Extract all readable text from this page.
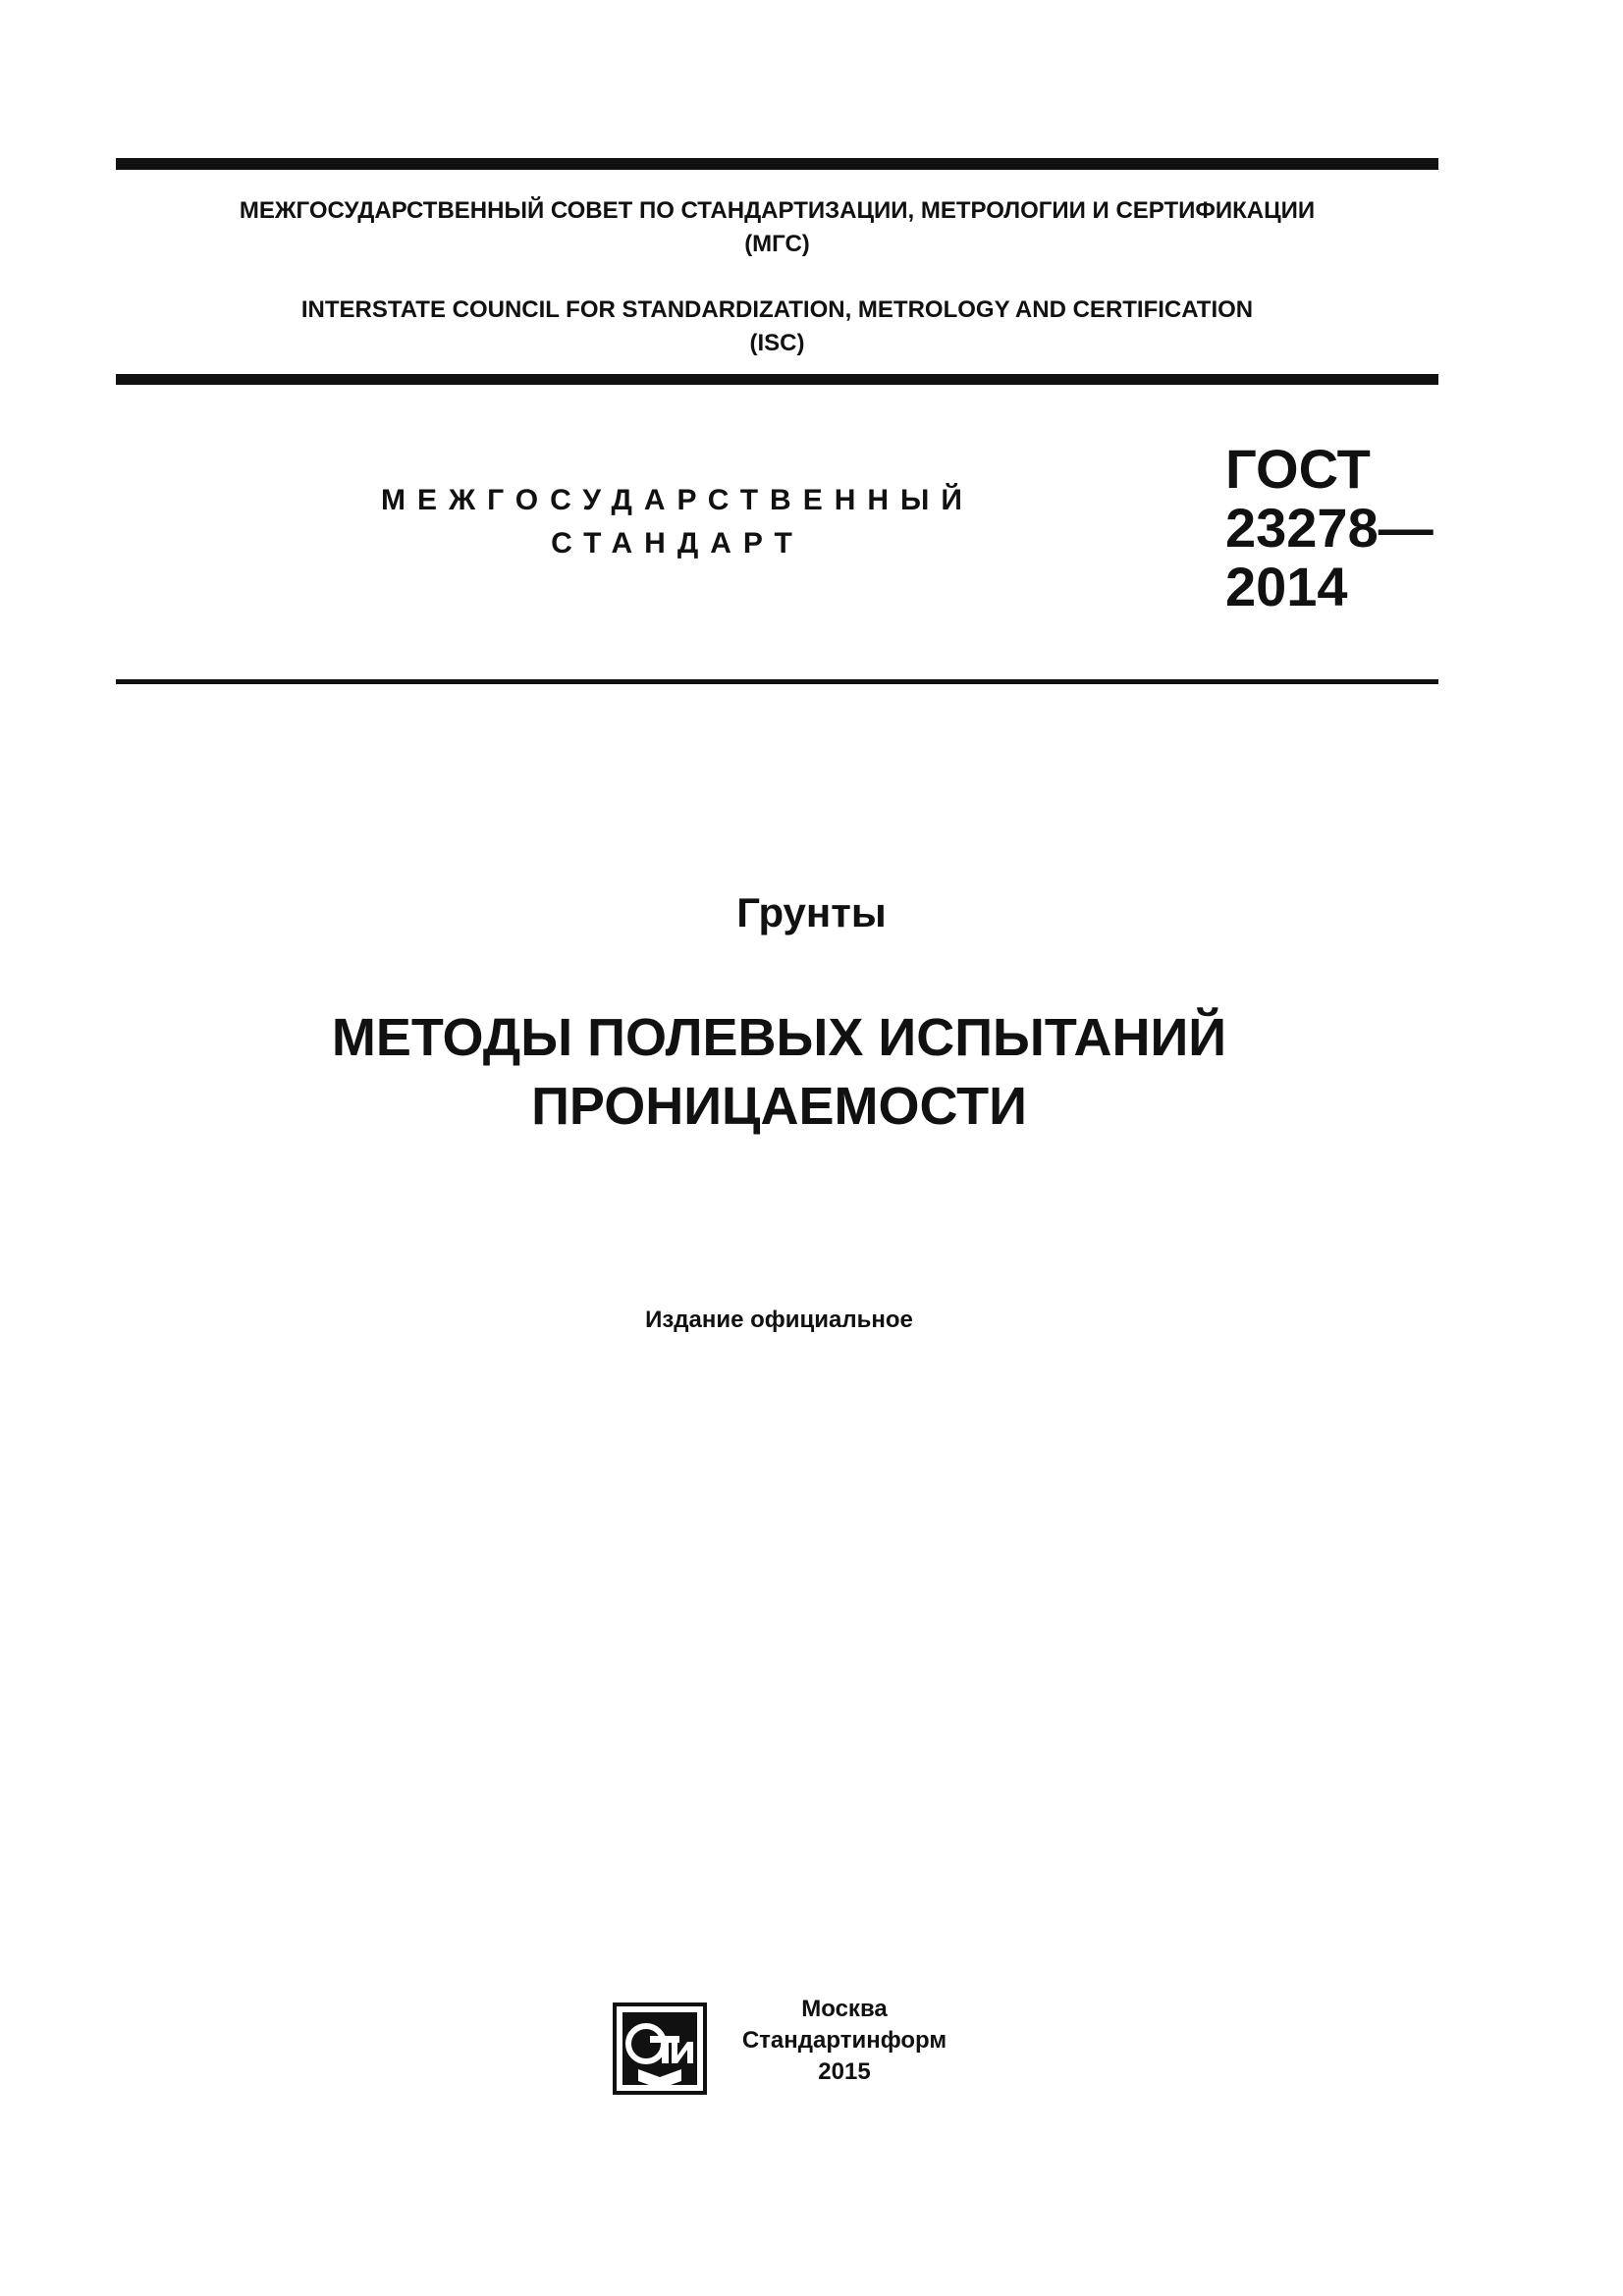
МЕЖГОСУДАРСТВЕННЫЙ СОВЕТ ПО СТАНДАРТИЗАЦИИ, МЕТРОЛОГИИ И СЕРТИФИКАЦИИ
(МГС)
INTERSTATE COUNCIL FOR STANDARDIZATION, METROLOGY AND CERTIFICATION
(ISC)
МЕЖГОСУДАРСТВЕННЫЙ
СТАНДАРТ
ГОСТ
23278—
2014
Грунты
МЕТОДЫ ПОЛЕВЫХ ИСПЫТАНИЙ
ПРОНИЦАЕМОСТИ
Издание официальное
Москва
Стандартинформ
2015
